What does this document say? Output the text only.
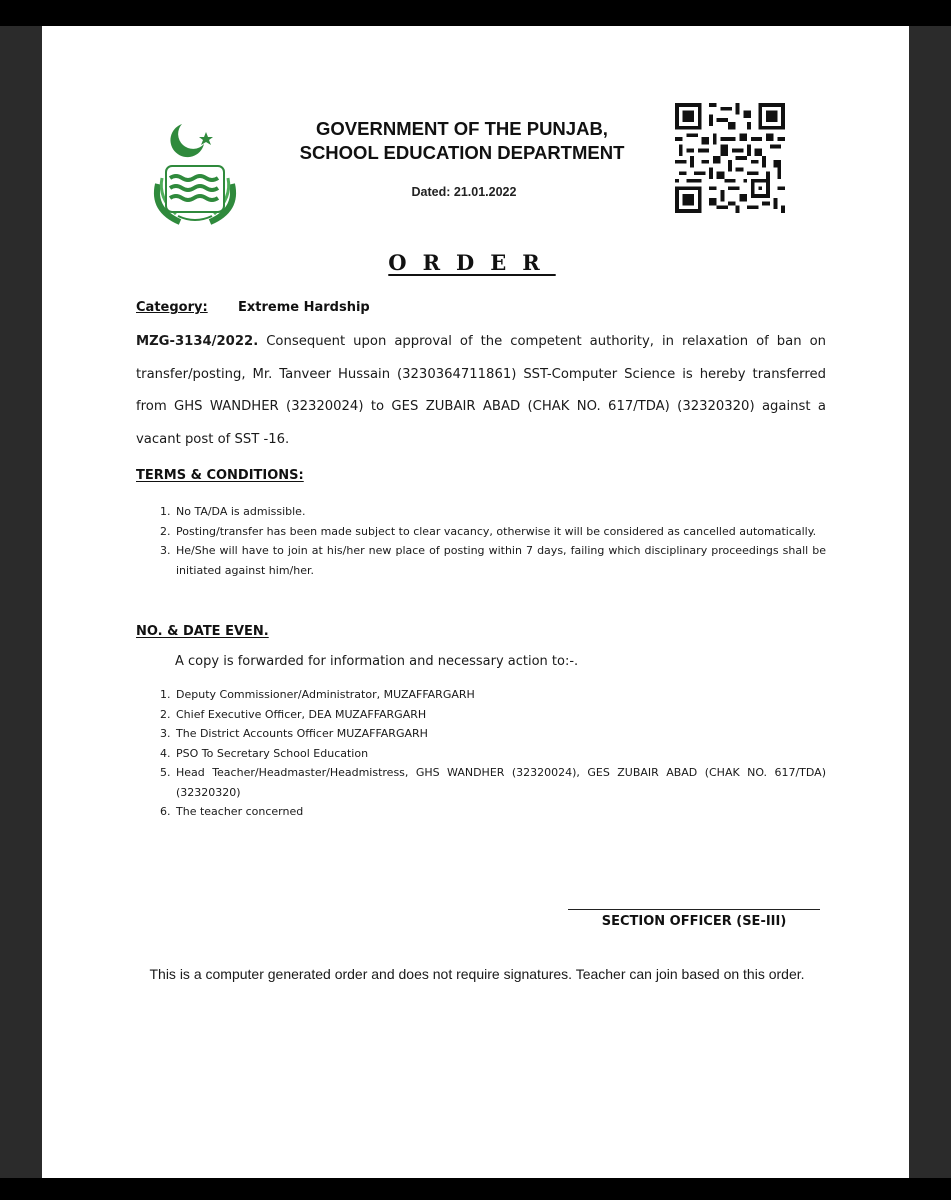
GOVERNMENT OF THE PUNJAB,
SCHOOL EDUCATION DEPARTMENT
Dated: 21.01.2022
ORDER
Category: Extreme Hardship
MZG-3134/2022. Consequent upon approval of the competent authority, in relaxation of ban on transfer/posting, Mr. Tanveer Hussain (3230364711861) SST-Computer Science is hereby transferred from GHS WANDHER (32320024) to GES ZUBAIR ABAD (CHAK NO. 617/TDA) (32320320) against a vacant post of SST -16.
TERMS & CONDITIONS:
1. No TA/DA is admissible.
2. Posting/transfer has been made subject to clear vacancy, otherwise it will be considered as cancelled automatically.
3. He/She will have to join at his/her new place of posting within 7 days, failing which disciplinary proceedings shall be initiated against him/her.
NO. & DATE EVEN.
A copy is forwarded for information and necessary action to:-.
1. Deputy Commissioner/Administrator, MUZAFFARGARH
2. Chief Executive Officer, DEA MUZAFFARGARH
3. The District Accounts Officer MUZAFFARGARH
4. PSO To Secretary School Education
5. Head Teacher/Headmaster/Headmistress, GHS WANDHER (32320024), GES ZUBAIR ABAD (CHAK NO. 617/TDA) (32320320)
6. The teacher concerned
SECTION OFFICER (SE-III)
This is a computer generated order and does not require signatures. Teacher can join based on this order.
